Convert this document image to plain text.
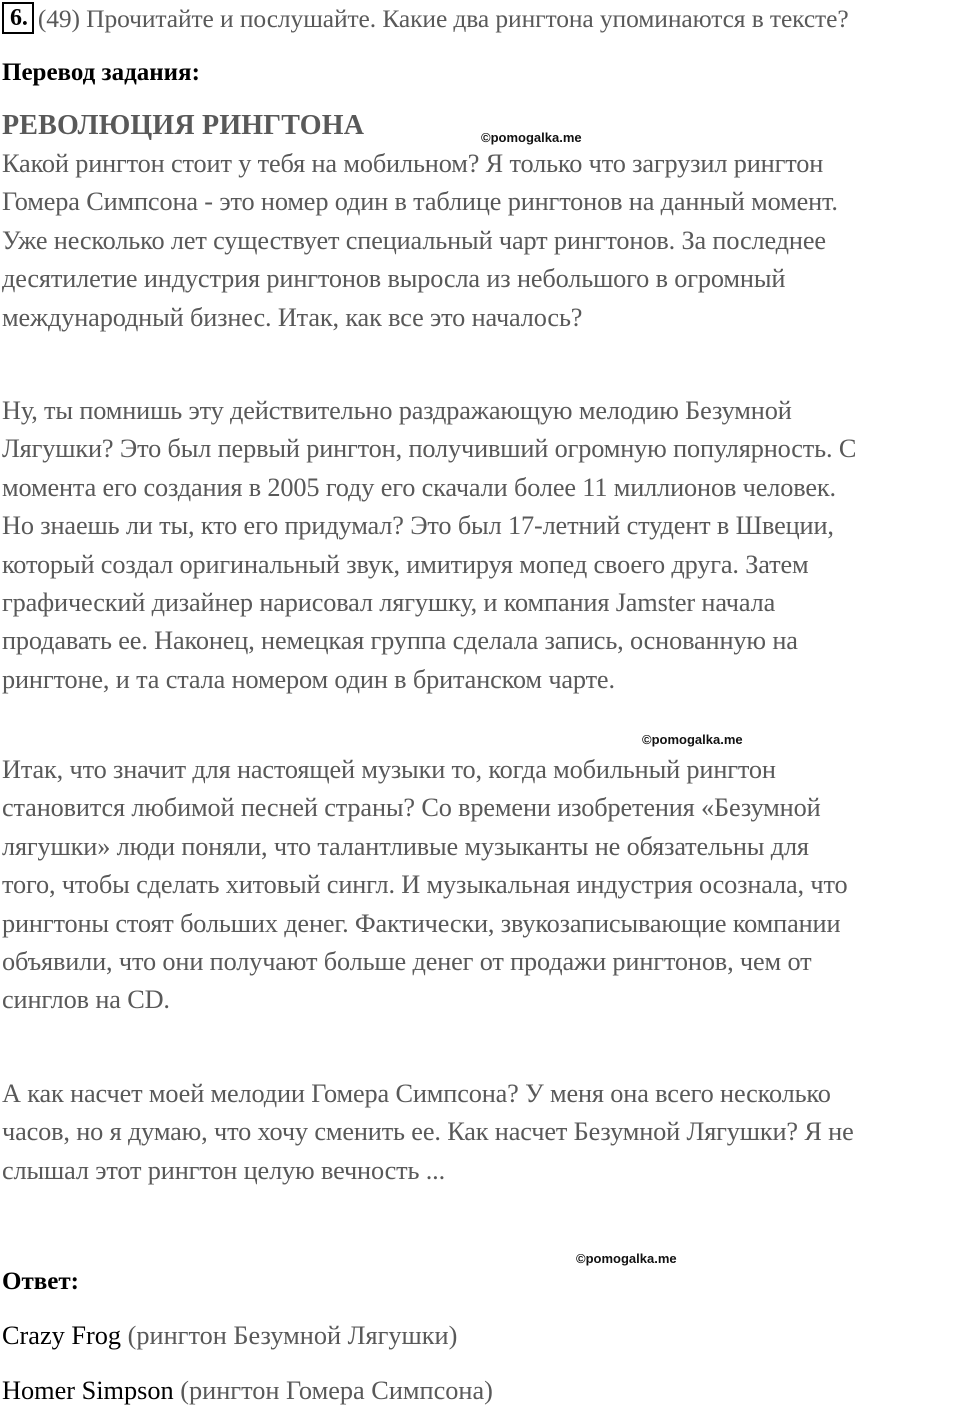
6. (49) Прочитайте и послушайте. Какие два рингтона упоминаются в тексте?
Перевод задания:
РЕВОЛЮЦИЯ РИНГТОНА	©pomogalka.me
©pomogalka.me
©pomogalka.me
Какой рингтон стоит у тебя на мобильном? Я только что загрузил рингтон
Гомера Симпсона - это номер один в таблице рингтонов на данный момент.
Уже несколько лет существует специальный чарт рингтонов. За последнее
десятилетие индустрия рингтонов выросла из небольшого в огромный
международный бизнес. Итак, как все это началось?
Ну, ты помнишь эту действительно раздражающую мелодию Безумной
Лягушки? Это был первый рингтон, получивший огромную популярность. С
момента его создания в 2005 году его скачали более 11 миллионов человек.
Но знаешь ли ты, кто его придумал? Это был 17-летний студент в Швеции,
который создал оригинальный звук, имитируя мопед своего друга. Затем
графический дизайнер нарисовал лягушку, и компания Jamster начала
продавать ее. Наконец, немецкая группа сделала запись, основанную на
рингтоне, и та стала номером один в британском чарте.
Итак, что значит для настоящей музыки то, когда мобильный рингтон
становится любимой песней страны? Со времени изобретения «Безумной
лягушки» люди поняли, что талантливые музыканты не обязательны для
того, чтобы сделать хитовый сингл. И музыкальная индустрия осознала, что
рингтоны стоят больших денег. Фактически, звукозаписывающие компании
объявили, что они получают больше денег от продажи рингтонов, чем от
синглов на CD.
А как насчет моей мелодии Гомера Симпсона? У меня она всего несколько
часов, но я думаю, что хочу сменить ее. Как насчет Безумной Лягушки? Я не
слышал этот рингтон целую вечность ...
Ответ:
Crazy Frog (рингтон Безумной Лягушки)
Homer Simpson (рингтон Гомера Симпсона)
